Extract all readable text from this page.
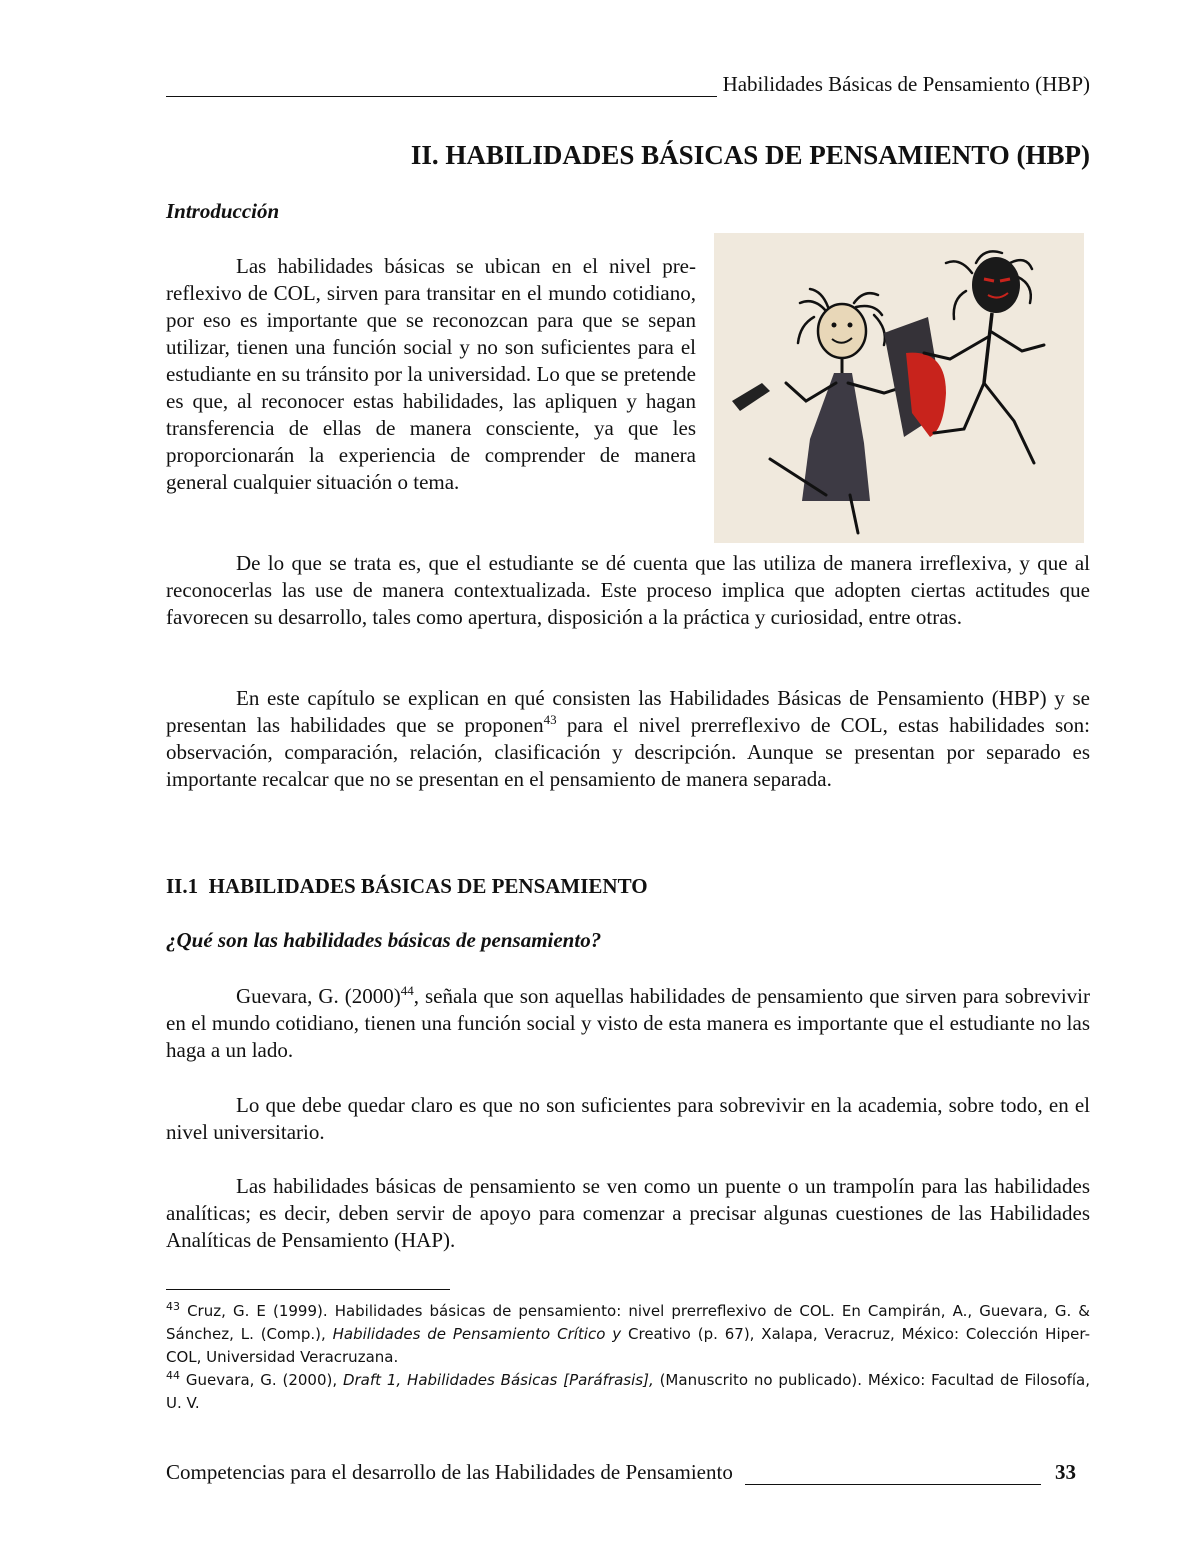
Habilidades Básicas de Pensamiento (HBP)
II. HABILIDADES BÁSICAS DE PENSAMIENTO (HBP)
Introducción

Las habilidades básicas se ubican en el nivel pre-reflexivo de COL, sirven para transitar en el mundo cotidiano, por eso es importante que se reconozcan para que se sepan utilizar, tienen una función social y no son suficientes para el estudiante en su tránsito por la universidad. Lo que se pretende es que, al reconocer estas habilidades, las apliquen y hagan transferencia de ellas de manera consciente, ya que les proporcionarán la experiencia de comprender de manera general cualquier situación o tema.

De lo que se trata es, que el estudiante se dé cuenta que las utiliza de manera irreflexiva, y que al reconocerlas las use de manera contextualizada. Este proceso implica que adopten ciertas actitudes que favorecen su desarrollo, tales como apertura, disposición a la práctica y curiosidad, entre otras.

En este capítulo se explican en qué consisten las Habilidades Básicas de Pensamiento (HBP) y se presentan las habilidades que se proponen$^{43}$ para el nivel prerreflexivo de COL, estas habilidades son: observación, comparación, relación, clasificación y descripción. Aunque se presentan por separado es importante recalcar que no se presentan en el pensamiento de manera separada.

II.1  HABILIDADES BÁSICAS DE PENSAMIENTO
¿Qué son las habilidades básicas de pensamiento?

Guevara, G. $(2000)^{44}$, señala que son aquellas habilidades de pensamiento que sirven para sobrevivir en el mundo cotidiano, tienen una función social y visto de esta manera es importante que el estudiante no las haga a un lado.

Lo que debe quedar claro es que no son suficientes para sobrevivir en la academia, sobre todo, en el nivel universitario.

Las habilidades básicas de pensamiento se ven como un puente o un trampolín para las habilidades analíticas; es decir, deben servir de apoyo para comenzar a precisar algunas cuestiones de las Habilidades Analíticas de Pensamiento (HAP).

$^{43}$ Cruz, G. E (1999). Habilidades básicas de pensamiento: nivel prerreflexivo de COL. En Campirán, A., Guevara, G. & Sánchez, L. (Comp.), Habilidades de Pensamiento Crítico y Creativo (p. 67), Xalapa, Veracruz, México: Colección Hiper-COL, Universidad Veracruzana.

$^{44}$ Guevara, G. (2000), Draft 1, Habilidades Básicas [Paráfrasis], (Manuscrito no publicado). México: Facultad de Filosofía, U. V.

Competencias para el desarrollo de las Habilidades de Pensamiento	33
